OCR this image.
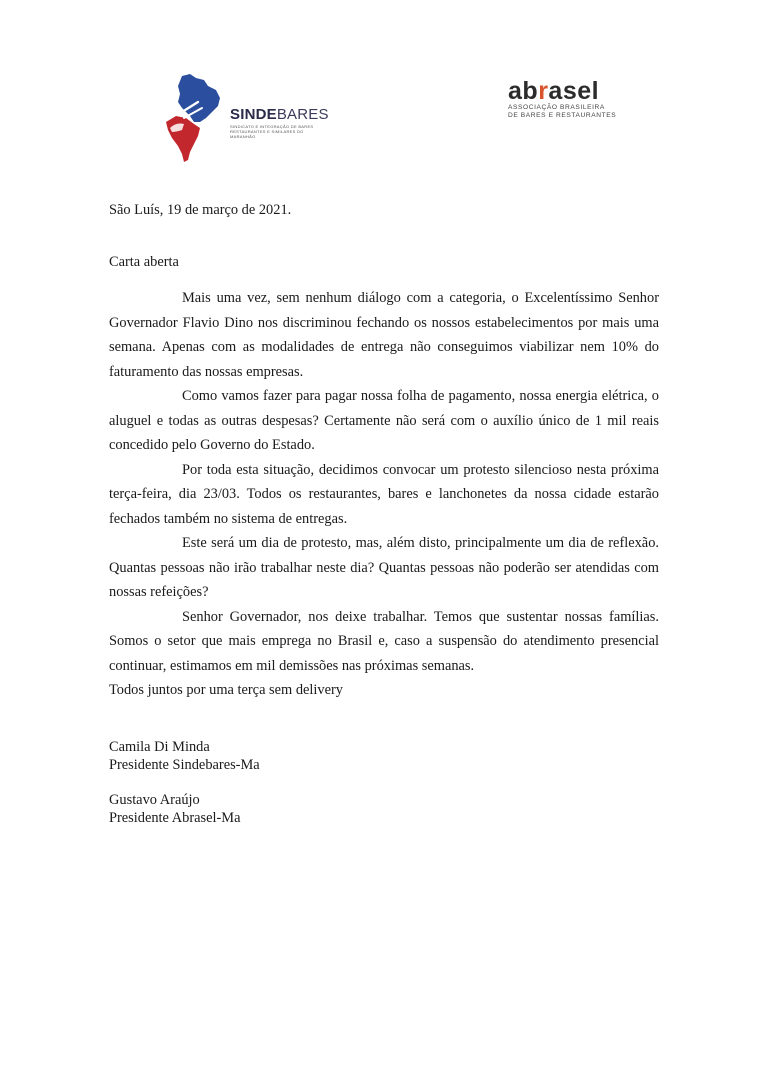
SINDEBARES
SINDICATO E INTEGRAÇÃO DE BARES RESTAURANTES E SIMILARES DO MARANHÃO
abrasel
ASSOCIAÇÃO BRASILEIRA
DE BARES E RESTAURANTES
São Luís, 19 de março de 2021.
Carta aberta

Mais uma vez, sem nenhum diálogo com a categoria, o Excelentíssimo Senhor Governador Flavio Dino nos discriminou fechando os nossos estabelecimentos por mais uma semana. Apenas com as modalidades de entrega não conseguimos viabilizar nem 10% do faturamento das nossas empresas.

Como vamos fazer para pagar nossa folha de pagamento, nossa energia elétrica, o aluguel e todas as outras despesas? Certamente não será com o auxílio único de 1 mil reais concedido pelo Governo do Estado.

Por toda esta situação, decidimos convocar um protesto silencioso nesta próxima terça-feira, dia 23/03. Todos os restaurantes, bares e lanchonetes da nossa cidade estarão fechados também no sistema de entregas.

Este será um dia de protesto, mas, além disto, principalmente um dia de reflexão. Quantas pessoas não irão trabalhar neste dia? Quantas pessoas não poderão ser atendidas com nossas refeições?

Senhor Governador, nos deixe trabalhar. Temos que sustentar nossas famílias. Somos o setor que mais emprega no Brasil e, caso a suspensão do atendimento presencial continuar, estimamos em mil demissões nas próximas semanas.

Todos juntos por uma terça sem delivery

Camila Di Minda
Presidente Sindebares-Ma
Gustavo Araújo
Presidente Abrasel-Ma
